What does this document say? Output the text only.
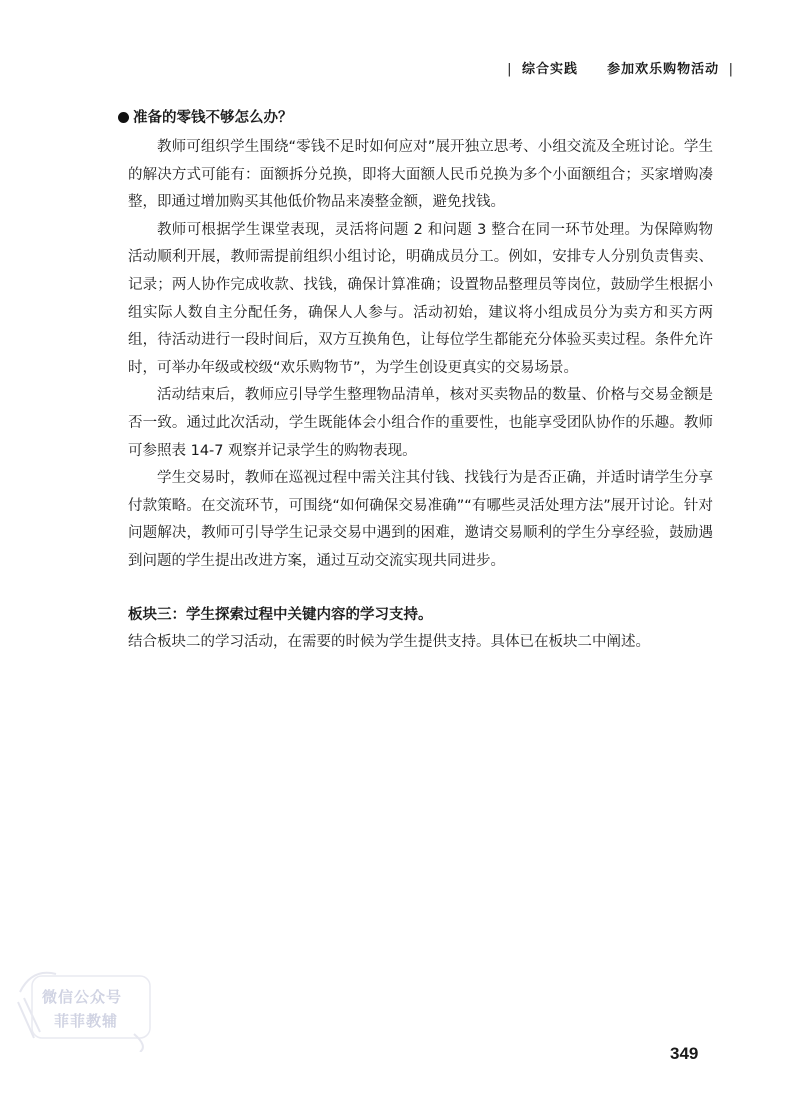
| 综合实践 参加欢乐购物活动 |
准备的零钱不够怎么办？

教师可组织学生围绕“零钱不足时如何应对”展开独立思考、小组交流及全班讨论。学生的解决方式可能有：面额拆分兑换，即将大面额人民币兑换为多个小面额组合；买家增购凑整，即通过增加购买其他低价物品来凑整金额，避免找钱。

教师可根据学生课堂表现，灵活将问题 2 和问题 3 整合在同一环节处理。为保障购物活动顺利开展，教师需提前组织小组讨论，明确成员分工。例如，安排专人分别负责售卖、记录；两人协作完成收款、找钱，确保计算准确；设置物品整理员等岗位，鼓励学生根据小组实际人数自主分配任务，确保人人参与。活动初始，建议将小组成员分为卖方和买方两组，待活动进行一段时间后，双方互换角色，让每位学生都能充分体验买卖过程。条件允许时，可举办年级或校级“欢乐购物节”，为学生创设更真实的交易场景。

活动结束后，教师应引导学生整理物品清单，核对买卖物品的数量、价格与交易金额是否一致。通过此次活动，学生既能体会小组合作的重要性，也能享受团队协作的乐趣。教师可参照表 14-7 观察并记录学生的购物表现。

学生交易时，教师在巡视过程中需关注其付钱、找钱行为是否正确，并适时请学生分享付款策略。在交流环节，可围绕“如何确保交易准确”“有哪些灵活处理方法”展开讨论。针对问题解决，教师可引导学生记录交易中遇到的困难，邀请交易顺利的学生分享经验，鼓励遇到问题的学生提出改进方案，通过互动交流实现共同进步。

板块三：学生探索过程中关键内容的学习支持。

结合板块二的学习活动，在需要的时候为学生提供支持。具体已在板块二中阐述。

微信公众号
菲菲教辅
349
